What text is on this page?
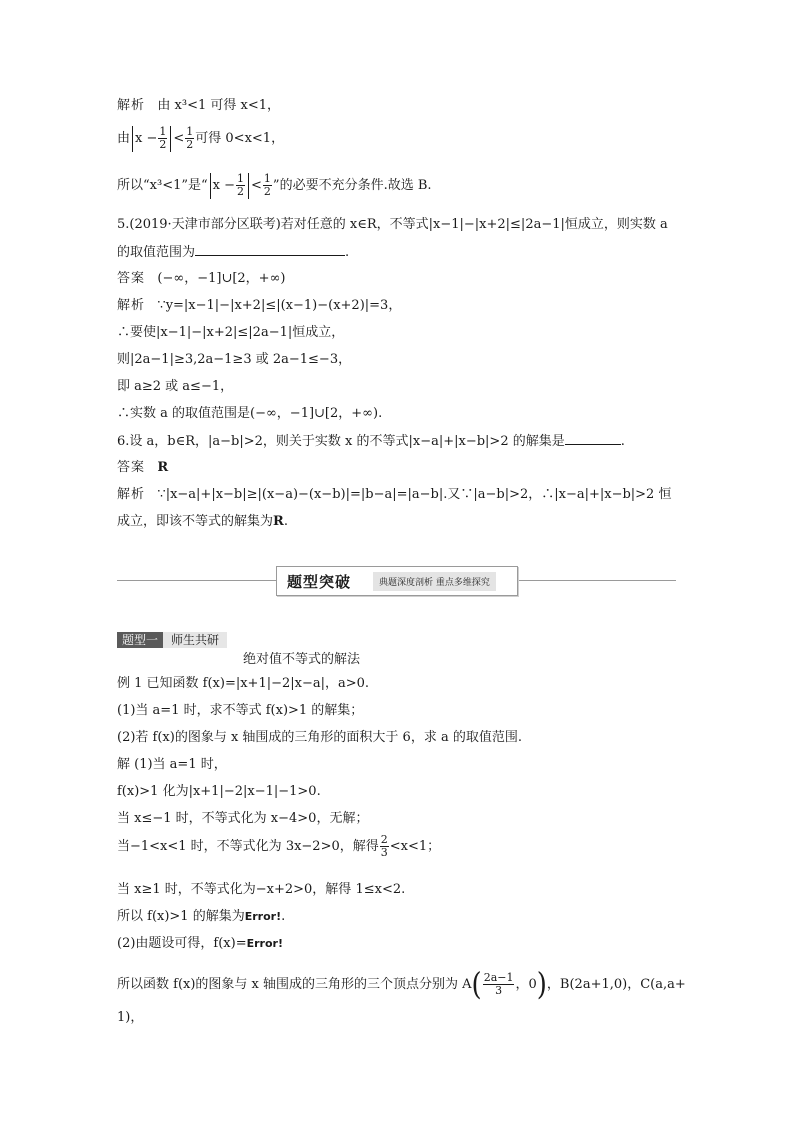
解析 由 x³<1 可得 x<1，
由 $x - \frac{1}{2} < \frac{1}{2}$ 可得 0<x<1，
所以“x³<1”是“ $x - \frac{1}{2} < \frac{1}{2}$ ”的必要不充分条件.故选 B.
5.(2019·天津市部分区联考)若对任意的 x∈R，不等式|x−1|−|x+2|≤|2a−1|恒成立，则实数 a
的取值范围为	.
答案 (−∞，−1]∪[2，+∞)
解析 ∵y=|x−1|−|x+2|≤|(x−1)−(x+2)|=3，
∴要使|x−1|−|x+2|≤|2a−1|恒成立，
则|2a−1|≥3,2a−1≥3 或 2a−1≤−3，
即 a≥2 或 a≤−1，
∴实数 a 的取值范围是(−∞，−1]∪[2，+∞).
6.设 a，b∈R，|a−b|>2，则关于实数 x 的不等式|x−a|+|x−b|>2 的解集是	.
答案 R
解析 ∵|x−a|+|x−b|≥|(x−a)−(x−b)|=|b−a|=|a−b|.又∵|a−b|>2，∴|x−a|+|x−b|>2 恒
成立，即该不等式的解集为R.
题型突破	典题深度剖析 重点多维探究
题型一	师生共研
绝对值不等式的解法
例 1 已知函数 f(x)=|x+1|−2|x−a|，a>0.
(1)当 a=1 时，求不等式 f(x)>1 的解集；
(2)若 f(x)的图象与 x 轴围成的三角形的面积大于 6，求 a 的取值范围.
解 (1)当 a=1 时，
f(x)>1 化为|x+1|−2|x−1|−1>0.
当 x≤−1 时，不等式化为 x−4>0，无解；
当−1<x<1 时，不等式化为 3x−2>0，解得 $\frac{2}{3} <x<1$；
当 x≥1 时，不等式化为−x+2>0，解得 1≤x<2.
所以 f(x)>1 的解集为Error!.
(2)由题设可得，f(x)=Error!
所以函数 f(x)的图象与 x 轴围成的三角形的三个顶点分别为 $A( \frac{2a-1}{3}$ ，0)，B(2a+1,0)，C(a,a+
1)，
